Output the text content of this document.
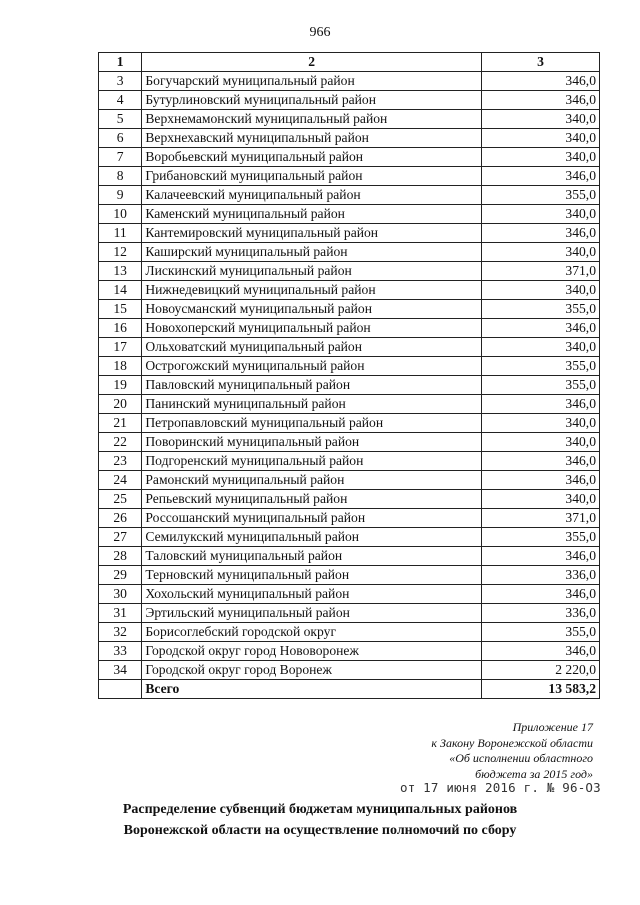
966
1	2	3
3	Богучарский муниципальный район	346,0
4	Бутурлиновский муниципальный район	346,0
5	Верхнемамонский муниципальный район	340,0
6	Верхнехавский муниципальный район	340,0
7	Воробьевский муниципальный район	340,0
8	Грибановский муниципальный район	346,0
9	Калачеевский муниципальный район	355,0
10	Каменский муниципальный район	340,0
11	Кантемировский муниципальный район	346,0
12	Каширский муниципальный район	340,0
13	Лискинский муниципальный район	371,0
14	Нижнедевицкий муниципальный район	340,0
15	Новоусманский муниципальный район	355,0
16	Новохоперский муниципальный район	346,0
17	Ольховатский муниципальный район	340,0
18	Острогожский муниципальный район	355,0
19	Павловский муниципальный район	355,0
20	Панинский муниципальный район	346,0
21	Петропавловский муниципальный район	340,0
22	Поворинский муниципальный район	340,0
23	Подгоренский муниципальный район	346,0
24	Рамонский муниципальный район	346,0
25	Репьевский муниципальный район	340,0
26	Россошанский муниципальный район	371,0
27	Семилукский муниципальный район	355,0
28	Таловский муниципальный район	346,0
29	Терновский муниципальный район	336,0
30	Хохольский муниципальный район	346,0
31	Эртильский муниципальный район	336,0
32	Борисоглебский городской округ	355,0
33	Городской округ город Нововоронеж	346,0
34	Городской округ город Воронеж	2 220,0
	Всего	13 583,2
Приложение 17
к Закону Воронежской области
«Об исполнении областного
бюджета за 2015 год»
от 17 июня 2016 г. № 96-ОЗ
Распределение субвенций бюджетам муниципальных районов
Воронежской области на осуществление полномочий по сбору
